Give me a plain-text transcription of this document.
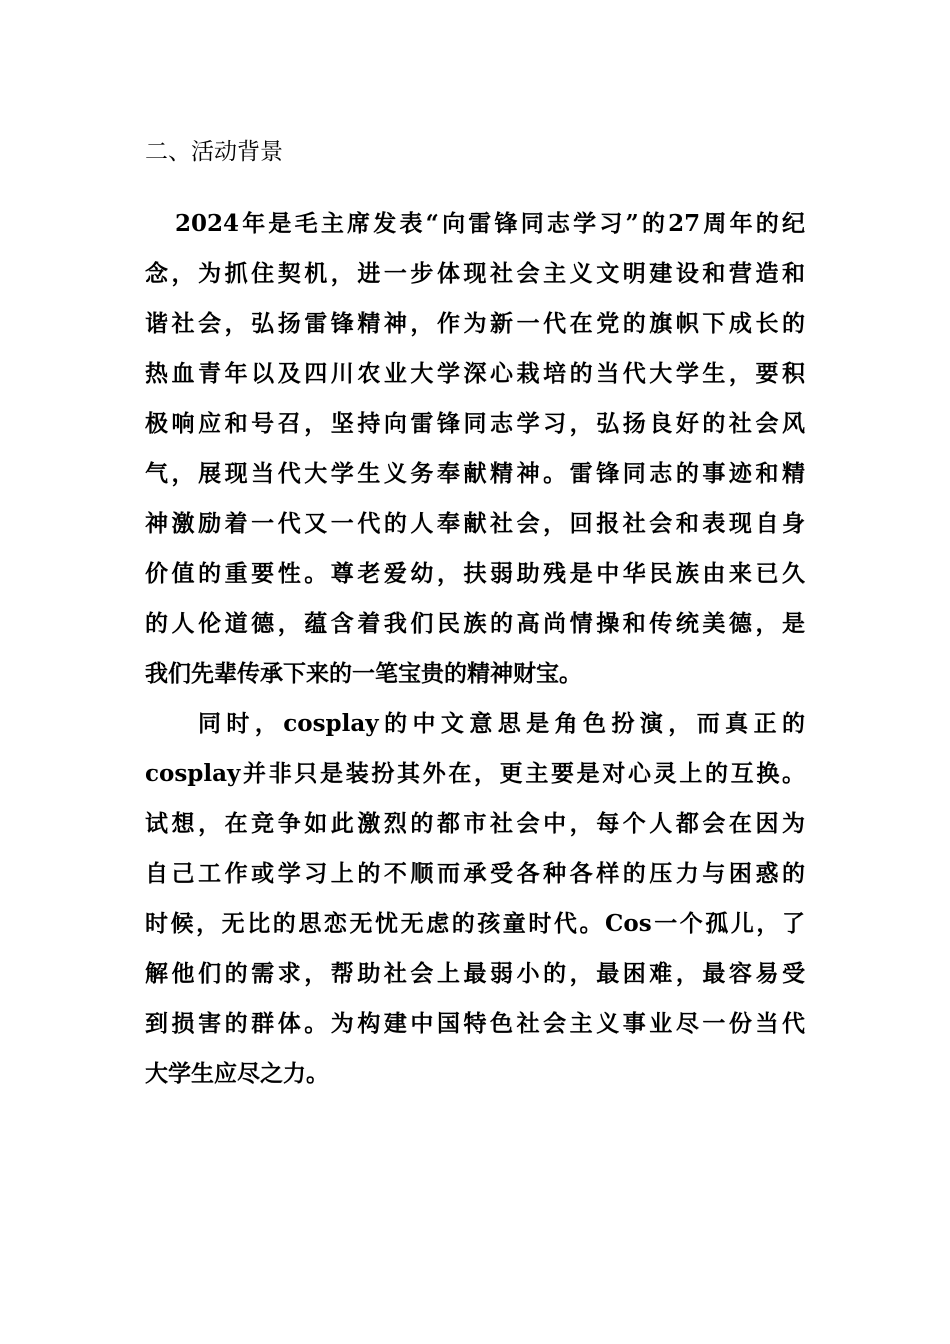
二、活动背景

2024年是毛主席发表“向雷锋同志学习”的27周年的纪

念，为抓住契机，进一步体现社会主义文明建设和营造和

谐社会，弘扬雷锋精神，作为新一代在党的旗帜下成长的

热血青年以及四川农业大学深心栽培的当代大学生，要积

极响应和号召，坚持向雷锋同志学习，弘扬良好的社会风

气，展现当代大学生义务奉献精神。雷锋同志的事迹和精

神激励着一代又一代的人奉献社会，回报社会和表现自身

价值的重要性。尊老爱幼，扶弱助残是中华民族由来已久

的人伦道德，蕴含着我们民族的高尚情操和传统美德，是

我们先辈传承下来的一笔宝贵的精神财宝。

同时，cosplay的中文意思是角色扮演，而真正的

cosplay并非只是装扮其外在，更主要是对心灵上的互换。

试想，在竞争如此激烈的都市社会中，每个人都会在因为

自己工作或学习上的不顺而承受各种各样的压力与困惑的

时候，无比的思恋无忧无虑的孩童时代。Cos一个孤儿，了

解他们的需求，帮助社会上最弱小的，最困难，最容易受

到损害的群体。为构建中国特色社会主义事业尽一份当代

大学生应尽之力。
